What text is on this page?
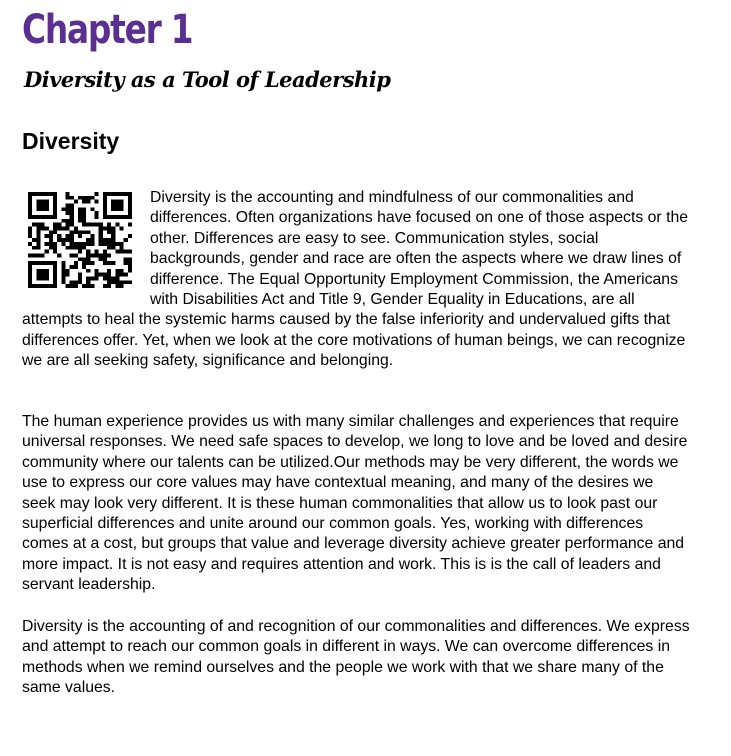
Chapter 1
Diversity as a Tool of Leadership
Diversity
Diversity is the accounting and mindfulness of our commonalities and differences. Often organizations have focused on one of those aspects or the other. Differences are easy to see. Communication styles, social backgrounds, gender and race are often the aspects where we draw lines of difference. The Equal Opportunity Employment Commission, the Americans with Disabilities Act and Title 9, Gender Equality in Educations, are all attempts to heal the systemic harms caused by the false inferiority and undervalued gifts that differences offer. Yet, when we look at the core motivations of human beings, we can recognize we are all seeking safety, significance and belonging.

The human experience provides us with many similar challenges and experiences that require universal responses. We need safe spaces to develop, we long to love and be loved and desire community where our talents can be utilized.Our methods may be very different, the words we use to express our core values may have contextual meaning, and many of the desires we seek may look very different. It is these human commonalities that allow us to look past our superficial differences and unite around our common goals. Yes, working with differences comes at a cost, but groups that value and leverage diversity achieve greater performance and more impact. It is not easy and requires attention and work. This is is the call of leaders and servant leadership.

Diversity is the accounting of and recognition of our commonalities and differences. We express and attempt to reach our common goals in different in ways. We can overcome differences in methods when we remind ourselves and the people we work with that we share many of the same values.
